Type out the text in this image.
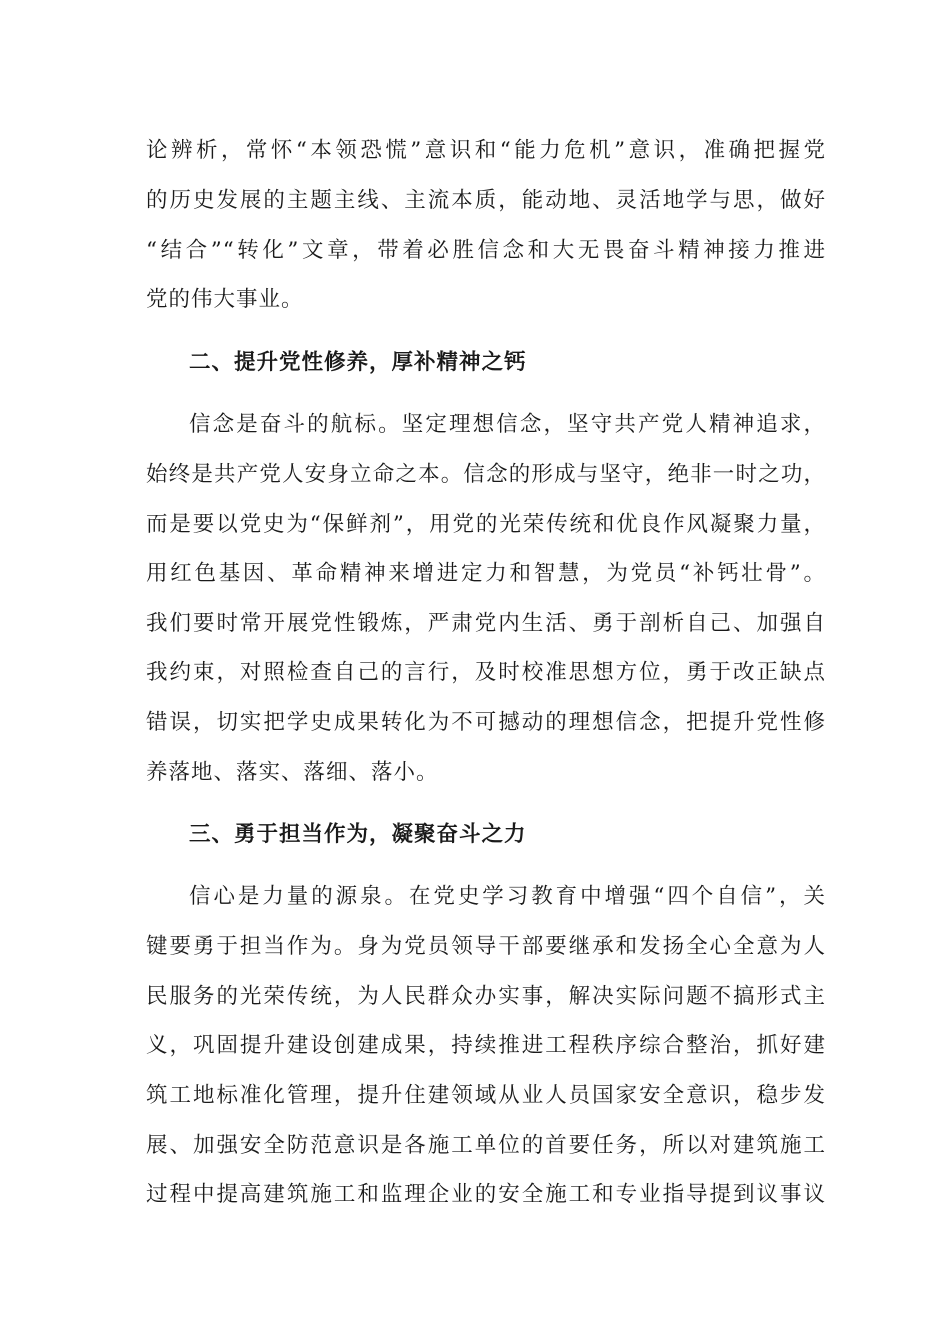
论辨析，常怀“本领恐慌”意识和“能力危机”意识，准确把握党
的历史发展的主题主线、主流本质，能动地、灵活地学与思，做好
“结合”“转化”文章，带着必胜信念和大无畏奋斗精神接力推进
党的伟大事业。
二、提升党性修养，厚补精神之钙
信念是奋斗的航标。坚定理想信念，坚守共产党人精神追求，
始终是共产党人安身立命之本。信念的形成与坚守，绝非一时之功，
而是要以党史为“保鲜剂”，用党的光荣传统和优良作风凝聚力量，
用红色基因、革命精神来增进定力和智慧，为党员“补钙壮骨”。
我们要时常开展党性锻炼，严肃党内生活、勇于剖析自己、加强自
我约束，对照检查自己的言行，及时校准思想方位，勇于改正缺点
错误，切实把学史成果转化为不可撼动的理想信念，把提升党性修
养落地、落实、落细、落小。
三、勇于担当作为，凝聚奋斗之力
信心是力量的源泉。在党史学习教育中增强“四个自信”，关
键要勇于担当作为。身为党员领导干部要继承和发扬全心全意为人
民服务的光荣传统，为人民群众办实事，解决实际问题不搞形式主
义，巩固提升建设创建成果，持续推进工程秩序综合整治，抓好建
筑工地标准化管理，提升住建领域从业人员国家安全意识，稳步发
展、加强安全防范意识是各施工单位的首要任务，所以对建筑施工
过程中提高建筑施工和监理企业的安全施工和专业指导提到议事议
